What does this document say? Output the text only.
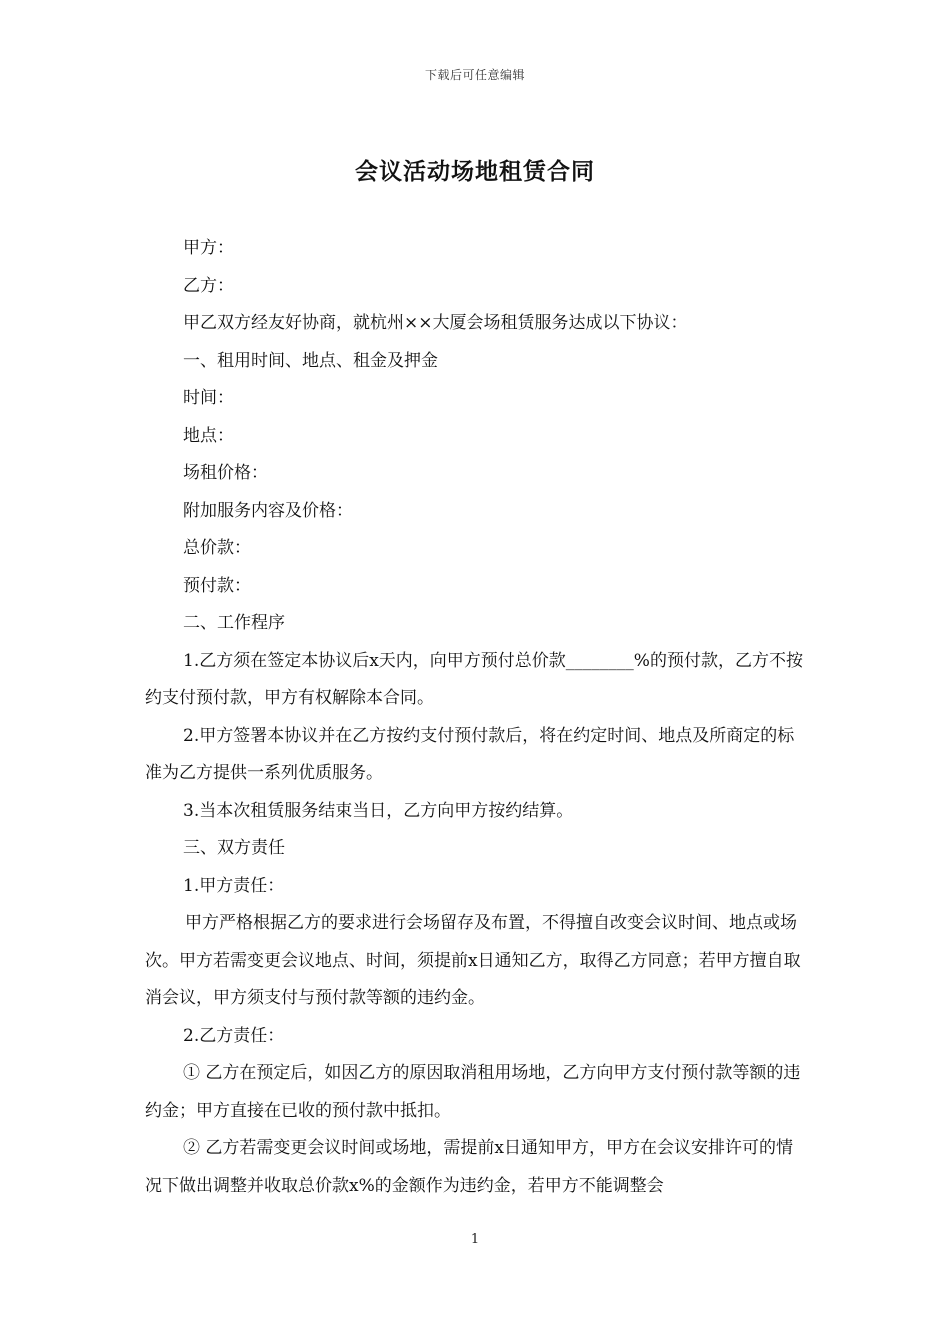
下载后可任意编辑
会议活动场地租赁合同

甲方：

乙方：

甲乙双方经友好协商，就杭州××大厦会场租赁服务达成以下协议：

一、租用时间、地点、租金及押金

时间：

地点：

场租价格：

附加服务内容及价格：

总价款：

预付款：

二、工作程序

1.乙方须在签定本协议后x天内，向甲方预付总价款________%的预付款，乙方不按约支付预付款，甲方有权解除本合同。

2.甲方签署本协议并在乙方按约支付预付款后，将在约定时间、地点及所商定的标准为乙方提供一系列优质服务。

3.当本次租赁服务结束当日，乙方向甲方按约结算。

三、双方责任

1.甲方责任：

甲方严格根据乙方的要求进行会场留存及布置，不得擅自改变会议时间、地点或场次。甲方若需变更会议地点、时间，须提前x日通知乙方，取得乙方同意；若甲方擅自取消会议，甲方须支付与预付款等额的违约金。

2.乙方责任：

① 乙方在预定后，如因乙方的原因取消租用场地，乙方向甲方支付预付款等额的违约金；甲方直接在已收的预付款中抵扣。

② 乙方若需变更会议时间或场地，需提前x日通知甲方，甲方在会议安排许可的情况下做出调整并收取总价款x%的金额作为违约金，若甲方不能调整会

1
